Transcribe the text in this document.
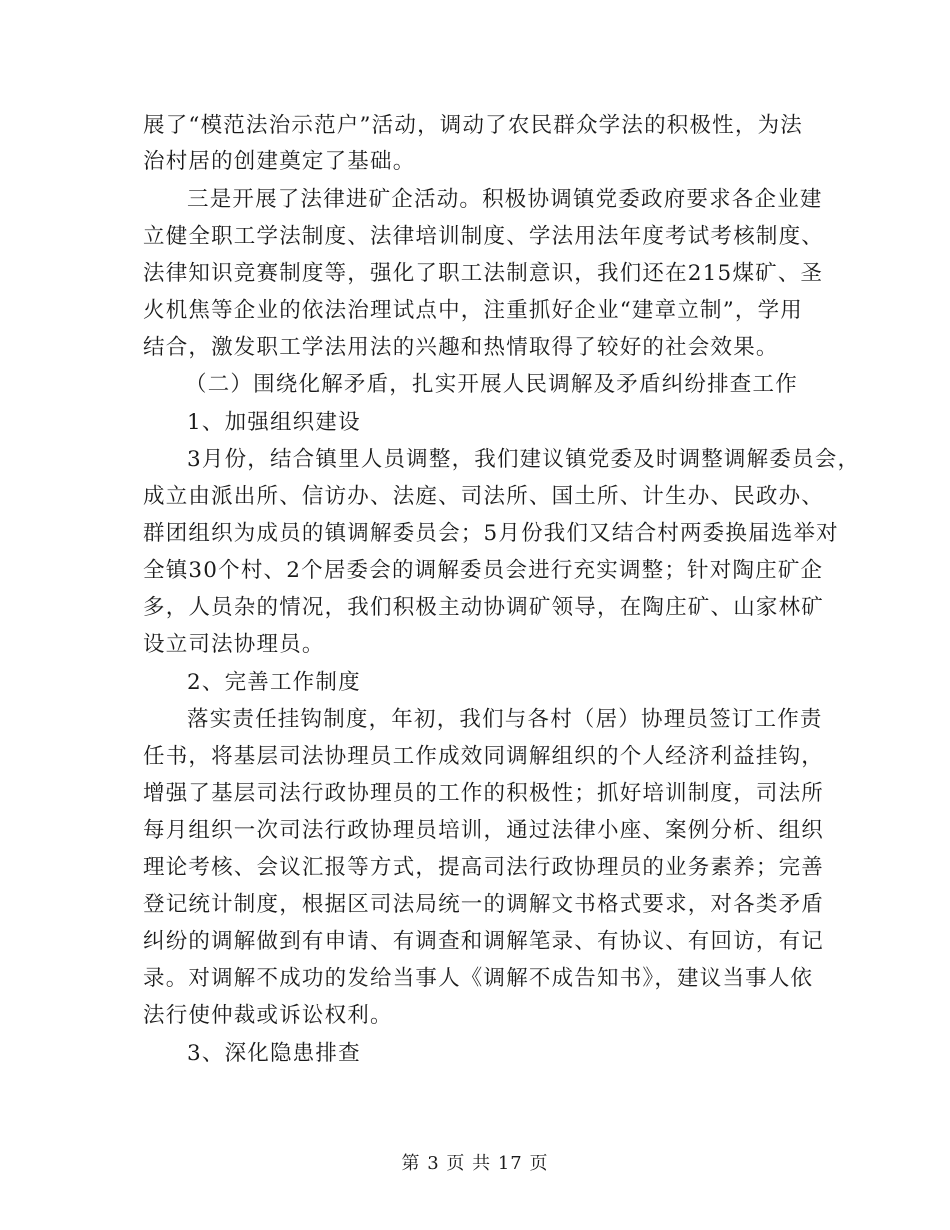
展了“模范法治示范户”活动，调动了农民群众学法的积极性，为法
治村居的创建奠定了基础。
三是开展了法律进矿企活动。积极协调镇党委政府要求各企业建
立健全职工学法制度、法律培训制度、学法用法年度考试考核制度、
法律知识竞赛制度等，强化了职工法制意识，我们还在215煤矿、圣
火机焦等企业的依法治理试点中，注重抓好企业“建章立制”，学用
结合，激发职工学法用法的兴趣和热情取得了较好的社会效果。
（二）围绕化解矛盾，扎实开展人民调解及矛盾纠纷排查工作
1、加强组织建设
3月份，结合镇里人员调整，我们建议镇党委及时调整调解委员会，
成立由派出所、信访办、法庭、司法所、国土所、计生办、民政办、
群团组织为成员的镇调解委员会；5月份我们又结合村两委换届选举对
全镇30个村、2个居委会的调解委员会进行充实调整；针对陶庄矿企
多，人员杂的情况，我们积极主动协调矿领导，在陶庄矿、山家林矿
设立司法协理员。
2、完善工作制度
落实责任挂钩制度，年初，我们与各村（居）协理员签订工作责
任书，将基层司法协理员工作成效同调解组织的个人经济利益挂钩，
增强了基层司法行政协理员的工作的积极性；抓好培训制度，司法所
每月组织一次司法行政协理员培训，通过法律小座、案例分析、组织
理论考核、会议汇报等方式，提高司法行政协理员的业务素养；完善
登记统计制度，根据区司法局统一的调解文书格式要求，对各类矛盾
纠纷的调解做到有申请、有调查和调解笔录、有协议、有回访，有记
录。对调解不成功的发给当事人《调解不成告知书》，建议当事人依
法行使仲裁或诉讼权利。
3、深化隐患排查
第 3 页 共 17 页
